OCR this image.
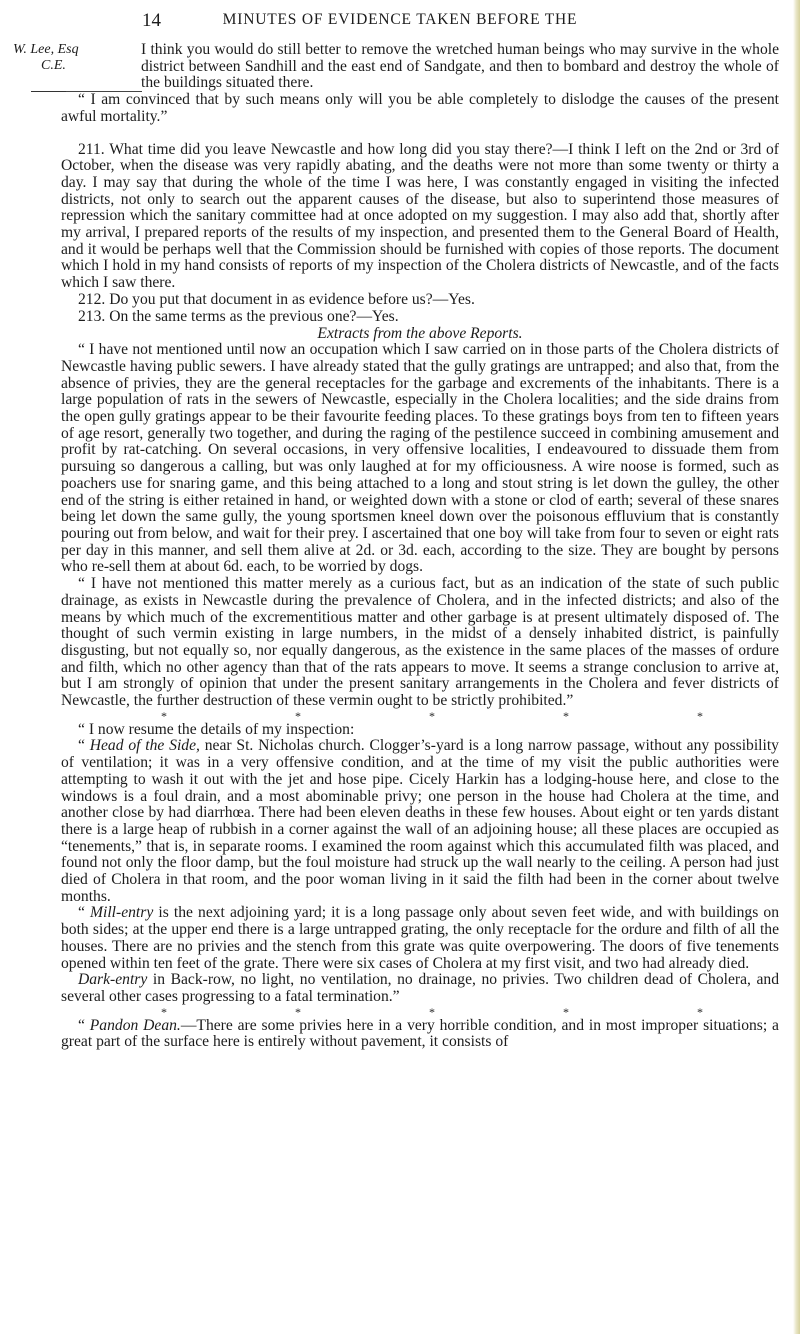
14	MINUTES OF EVIDENCE TAKEN BEFORE THE
W. Lee, Esq
C.E.

I think you would do still better to remove the wretched human beings who may survive in the whole district between Sandhill and the east end of Sandgate, and then to bombard and destroy the whole of the buildings situated there.

“ I am convinced that by such means only will you be able completely to dislodge the causes of the present awful mortality.”

211. What time did you leave Newcastle and how long did you stay there?—I think I left on the 2nd or 3rd of October, when the disease was very rapidly abating, and the deaths were not more than some twenty or thirty a day. I may say that during the whole of the time I was here, I was constantly engaged in visiting the infected districts, not only to search out the apparent causes of the disease, but also to superintend those measures of repression which the sanitary committee had at once adopted on my suggestion. I may also add that, shortly after my arrival, I prepared reports of the results of my inspection, and presented them to the General Board of Health, and it would be perhaps well that the Commission should be furnished with copies of those reports. The document which I hold in my hand consists of reports of my inspection of the Cholera districts of Newcastle, and of the facts which I saw there.

212. Do you put that document in as evidence before us?—Yes.

213. On the same terms as the previous one?—Yes.

Extracts from the above Reports.

“ I have not mentioned until now an occupation which I saw carried on in those parts of the Cholera districts of Newcastle having public sewers. I have already stated that the gully gratings are untrapped; and also that, from the absence of privies, they are the general receptacles for the garbage and excrements of the inhabitants. There is a large population of rats in the sewers of Newcastle, especially in the Cholera localities; and the side drains from the open gully gratings appear to be their favourite feeding places. To these gratings boys from ten to fifteen years of age resort, generally two together, and during the raging of the pestilence succeed in combining amusement and profit by rat-catching. On several occasions, in very offensive localities, I endeavoured to dissuade them from pursuing so dangerous a calling, but was only laughed at for my officiousness. A wire noose is formed, such as poachers use for snaring game, and this being attached to a long and stout string is let down the gulley, the other end of the string is either retained in hand, or weighted down with a stone or clod of earth; several of these snares being let down the same gully, the young sportsmen kneel down over the poisonous effluvium that is constantly pouring out from below, and wait for their prey. I ascertained that one boy will take from four to seven or eight rats per day in this manner, and sell them alive at 2d. or 3d. each, according to the size. They are bought by persons who re-sell them at about 6d. each, to be worried by dogs.

“ I have not mentioned this matter merely as a curious fact, but as an indication of the state of such public drainage, as exists in Newcastle during the prevalence of Cholera, and in the infected districts; and also of the means by which much of the excrementitious matter and other garbage is at present ultimately disposed of. The thought of such vermin existing in large numbers, in the midst of a densely inhabited district, is painfully disgusting, but not equally so, nor equally dangerous, as the existence in the same places of the masses of ordure and filth, which no other agency than that of the rats appears to move. It seems a strange conclusion to arrive at, but I am strongly of opinion that under the present sanitary arrangements in the Cholera and fever districts of Newcastle, the further destruction of these vermin ought to be strictly prohibited.”

*	*	*	*	*

“ I now resume the details of my inspection:

“ Head of the Side, near St. Nicholas church. Clogger’s-yard is a long narrow passage, without any possibility of ventilation; it was in a very offensive condition, and at the time of my visit the public authorities were attempting to wash it out with the jet and hose pipe. Cicely Harkin has a lodging-house here, and close to the windows is a foul drain, and a most abominable privy; one person in the house had Cholera at the time, and another close by had diarrhœa. There had been eleven deaths in these few houses. About eight or ten yards distant there is a large heap of rubbish in a corner against the wall of an adjoining house; all these places are occupied as “tenements,” that is, in separate rooms. I examined the room against which this accumulated filth was placed, and found not only the floor damp, but the foul moisture had struck up the wall nearly to the ceiling. A person had just died of Cholera in that room, and the poor woman living in it said the filth had been in the corner about twelve months.

“ Mill-entry is the next adjoining yard; it is a long passage only about seven feet wide, and with buildings on both sides; at the upper end there is a large untrapped grating, the only receptacle for the ordure and filth of all the houses. There are no privies and the stench from this grate was quite overpowering. The doors of five tenements opened within ten feet of the grate. There were six cases of Cholera at my first visit, and two had already died.

Dark-entry in Back-row, no light, no ventilation, no drainage, no privies. Two children dead of Cholera, and several other cases progressing to a fatal termination.”

*	*	*	*	*

“ Pandon Dean.—There are some privies here in a very horrible condition, and in most improper situations; a great part of the surface here is entirely without pavement, it consists of
